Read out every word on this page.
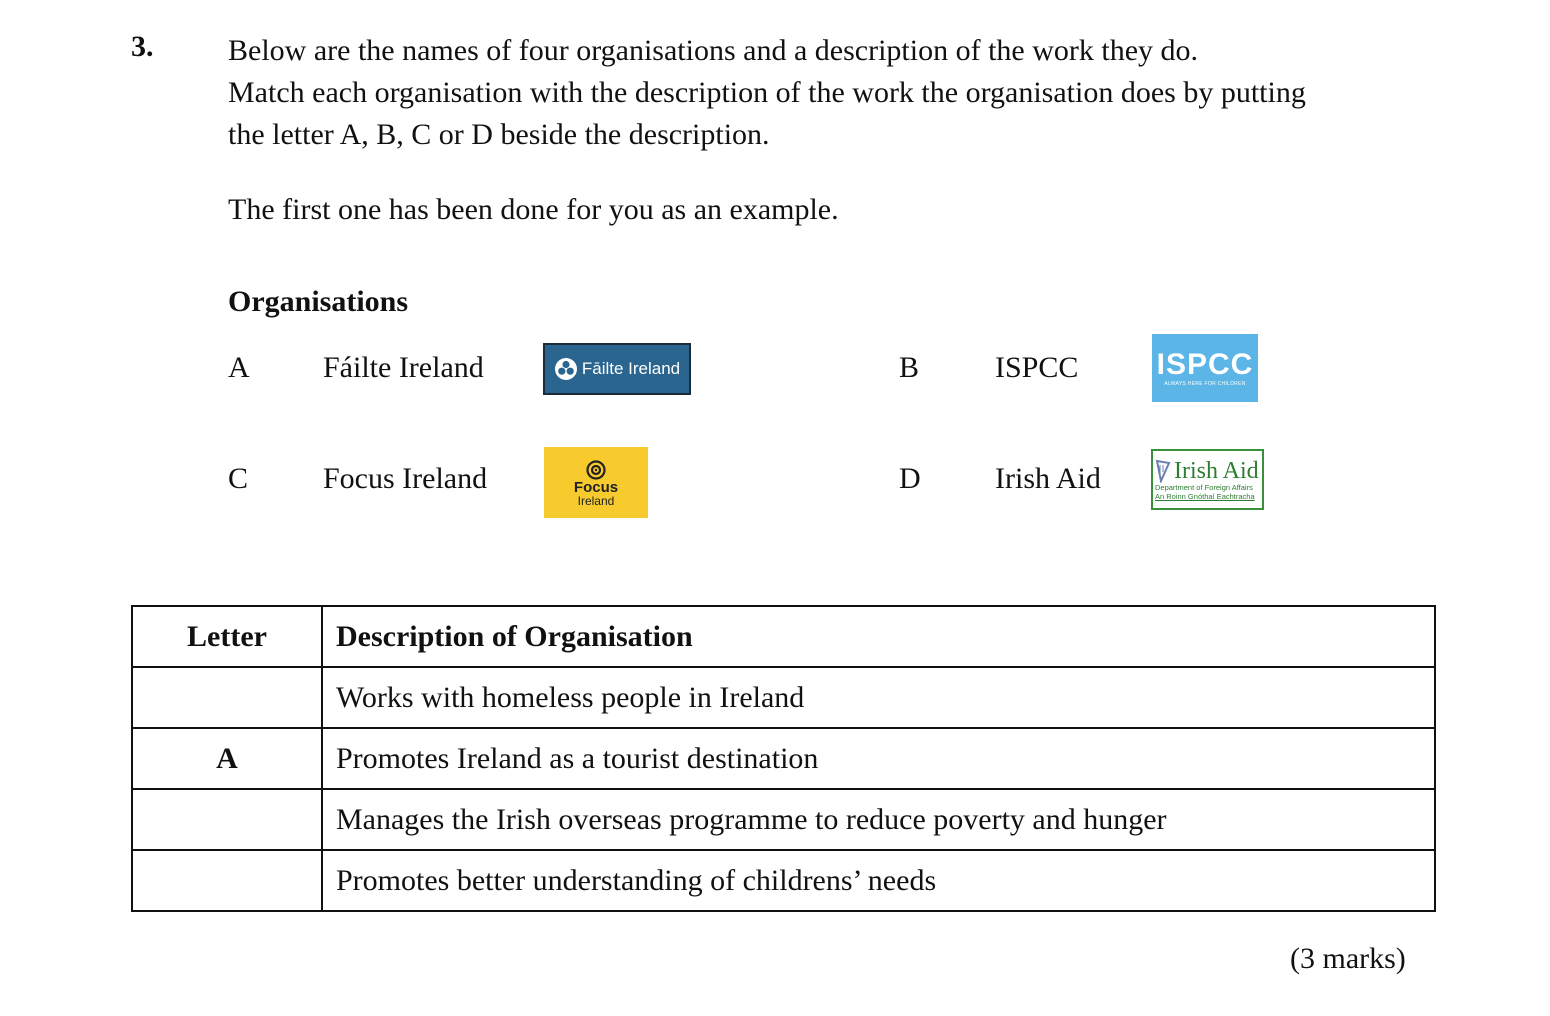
3. Below are the names of four organisations and a description of the work they do.
Match each organisation with the description of the work the organisation does by putting
the letter A, B, C or D beside the description.
The first one has been done for you as an example.
Organisations
A Fáilte Ireland	Fāilte Ireland	B	ISPCC	ISPCC
ALWAYS HERE FOR CHILDREN
C Focus Ireland	Focus
Ireland
D Irish Aid	Irish Aid
Department of Foreign Affairs
An Roinn Gnóthaí Eachtracha
Letter	Description of Organisation
	Works with homeless people in Ireland
A	Promotes Ireland as a tourist destination
	Manages the Irish overseas programme to reduce poverty and hunger
	Promotes better understanding of childrens’ needs
(3 marks)
